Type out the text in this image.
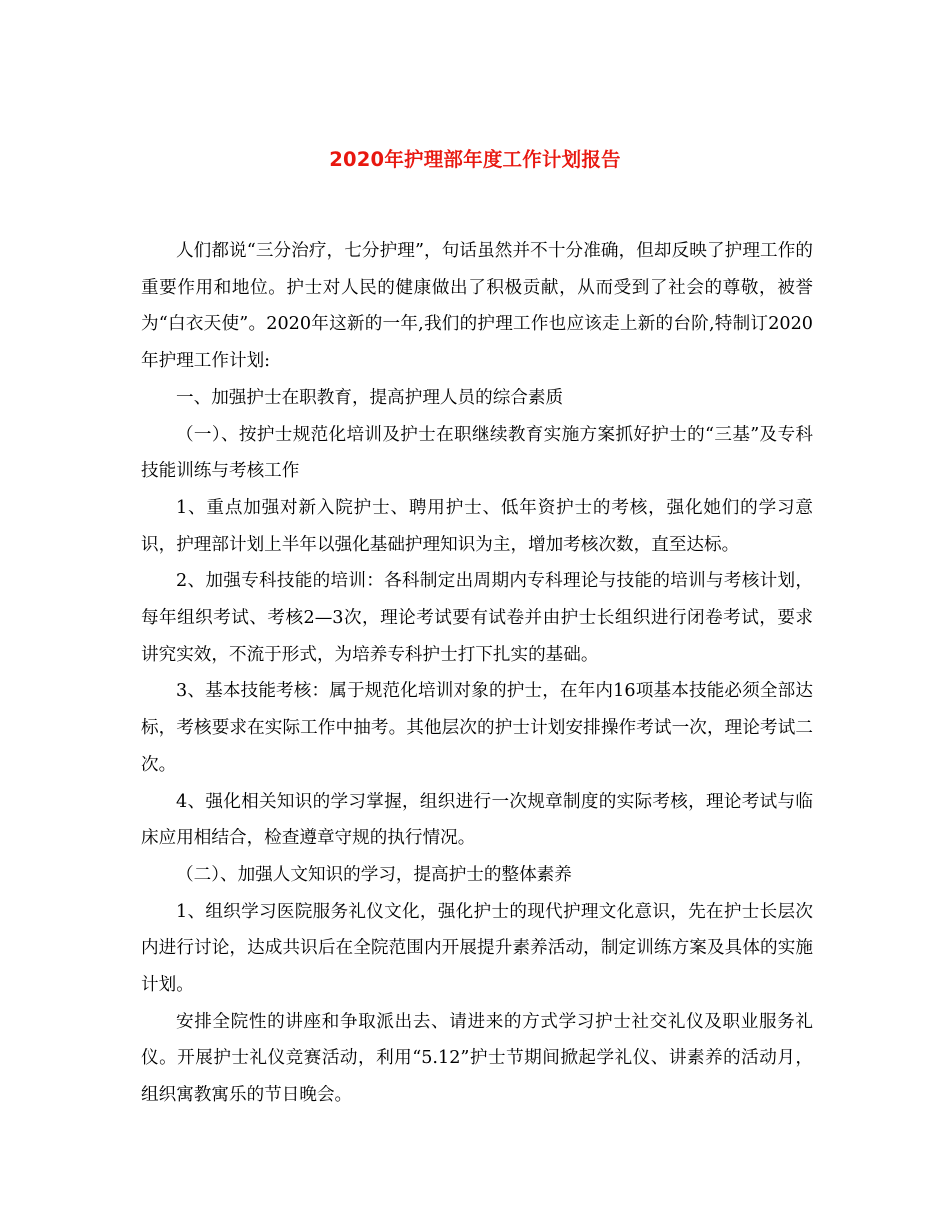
2020年护理部年度工作计划报告

人们都说“三分治疗，七分护理”，句话虽然并不十分准确，但却反映了护理工作的重要作用和地位。护士对人民的健康做出了积极贡献，从而受到了社会的尊敬，被誉为“白衣天使”。2020年这新的一年,我们的护理工作也应该走上新的台阶,特制订2020年护理工作计划:

一、加强护士在职教育，提高护理人员的综合素质

（一）、按护士规范化培训及护士在职继续教育实施方案抓好护士的“三基”及专科技能训练与考核工作

1、重点加强对新入院护士、聘用护士、低年资护士的考核，强化她们的学习意识，护理部计划上半年以强化基础护理知识为主，增加考核次数，直至达标。

2、加强专科技能的培训：各科制定出周期内专科理论与技能的培训与考核计划，每年组织考试、考核2—3次，理论考试要有试卷并由护士长组织进行闭卷考试，要求讲究实效，不流于形式，为培养专科护士打下扎实的基础。

3、基本技能考核：属于规范化培训对象的护士，在年内16项基本技能必须全部达标，考核要求在实际工作中抽考。其他层次的护士计划安排操作考试一次，理论考试二次。

4、强化相关知识的学习掌握，组织进行一次规章制度的实际考核，理论考试与临床应用相结合，检查遵章守规的执行情况。

（二）、加强人文知识的学习，提高护士的整体素养

1、组织学习医院服务礼仪文化，强化护士的现代护理文化意识，先在护士长层次内进行讨论，达成共识后在全院范围内开展提升素养活动，制定训练方案及具体的实施计划。

安排全院性的讲座和争取派出去、请进来的方式学习护士社交礼仪及职业服务礼仪。开展护士礼仪竞赛活动，利用“5.12”护士节期间掀起学礼仪、讲素养的活动月，组织寓教寓乐的节日晚会。
